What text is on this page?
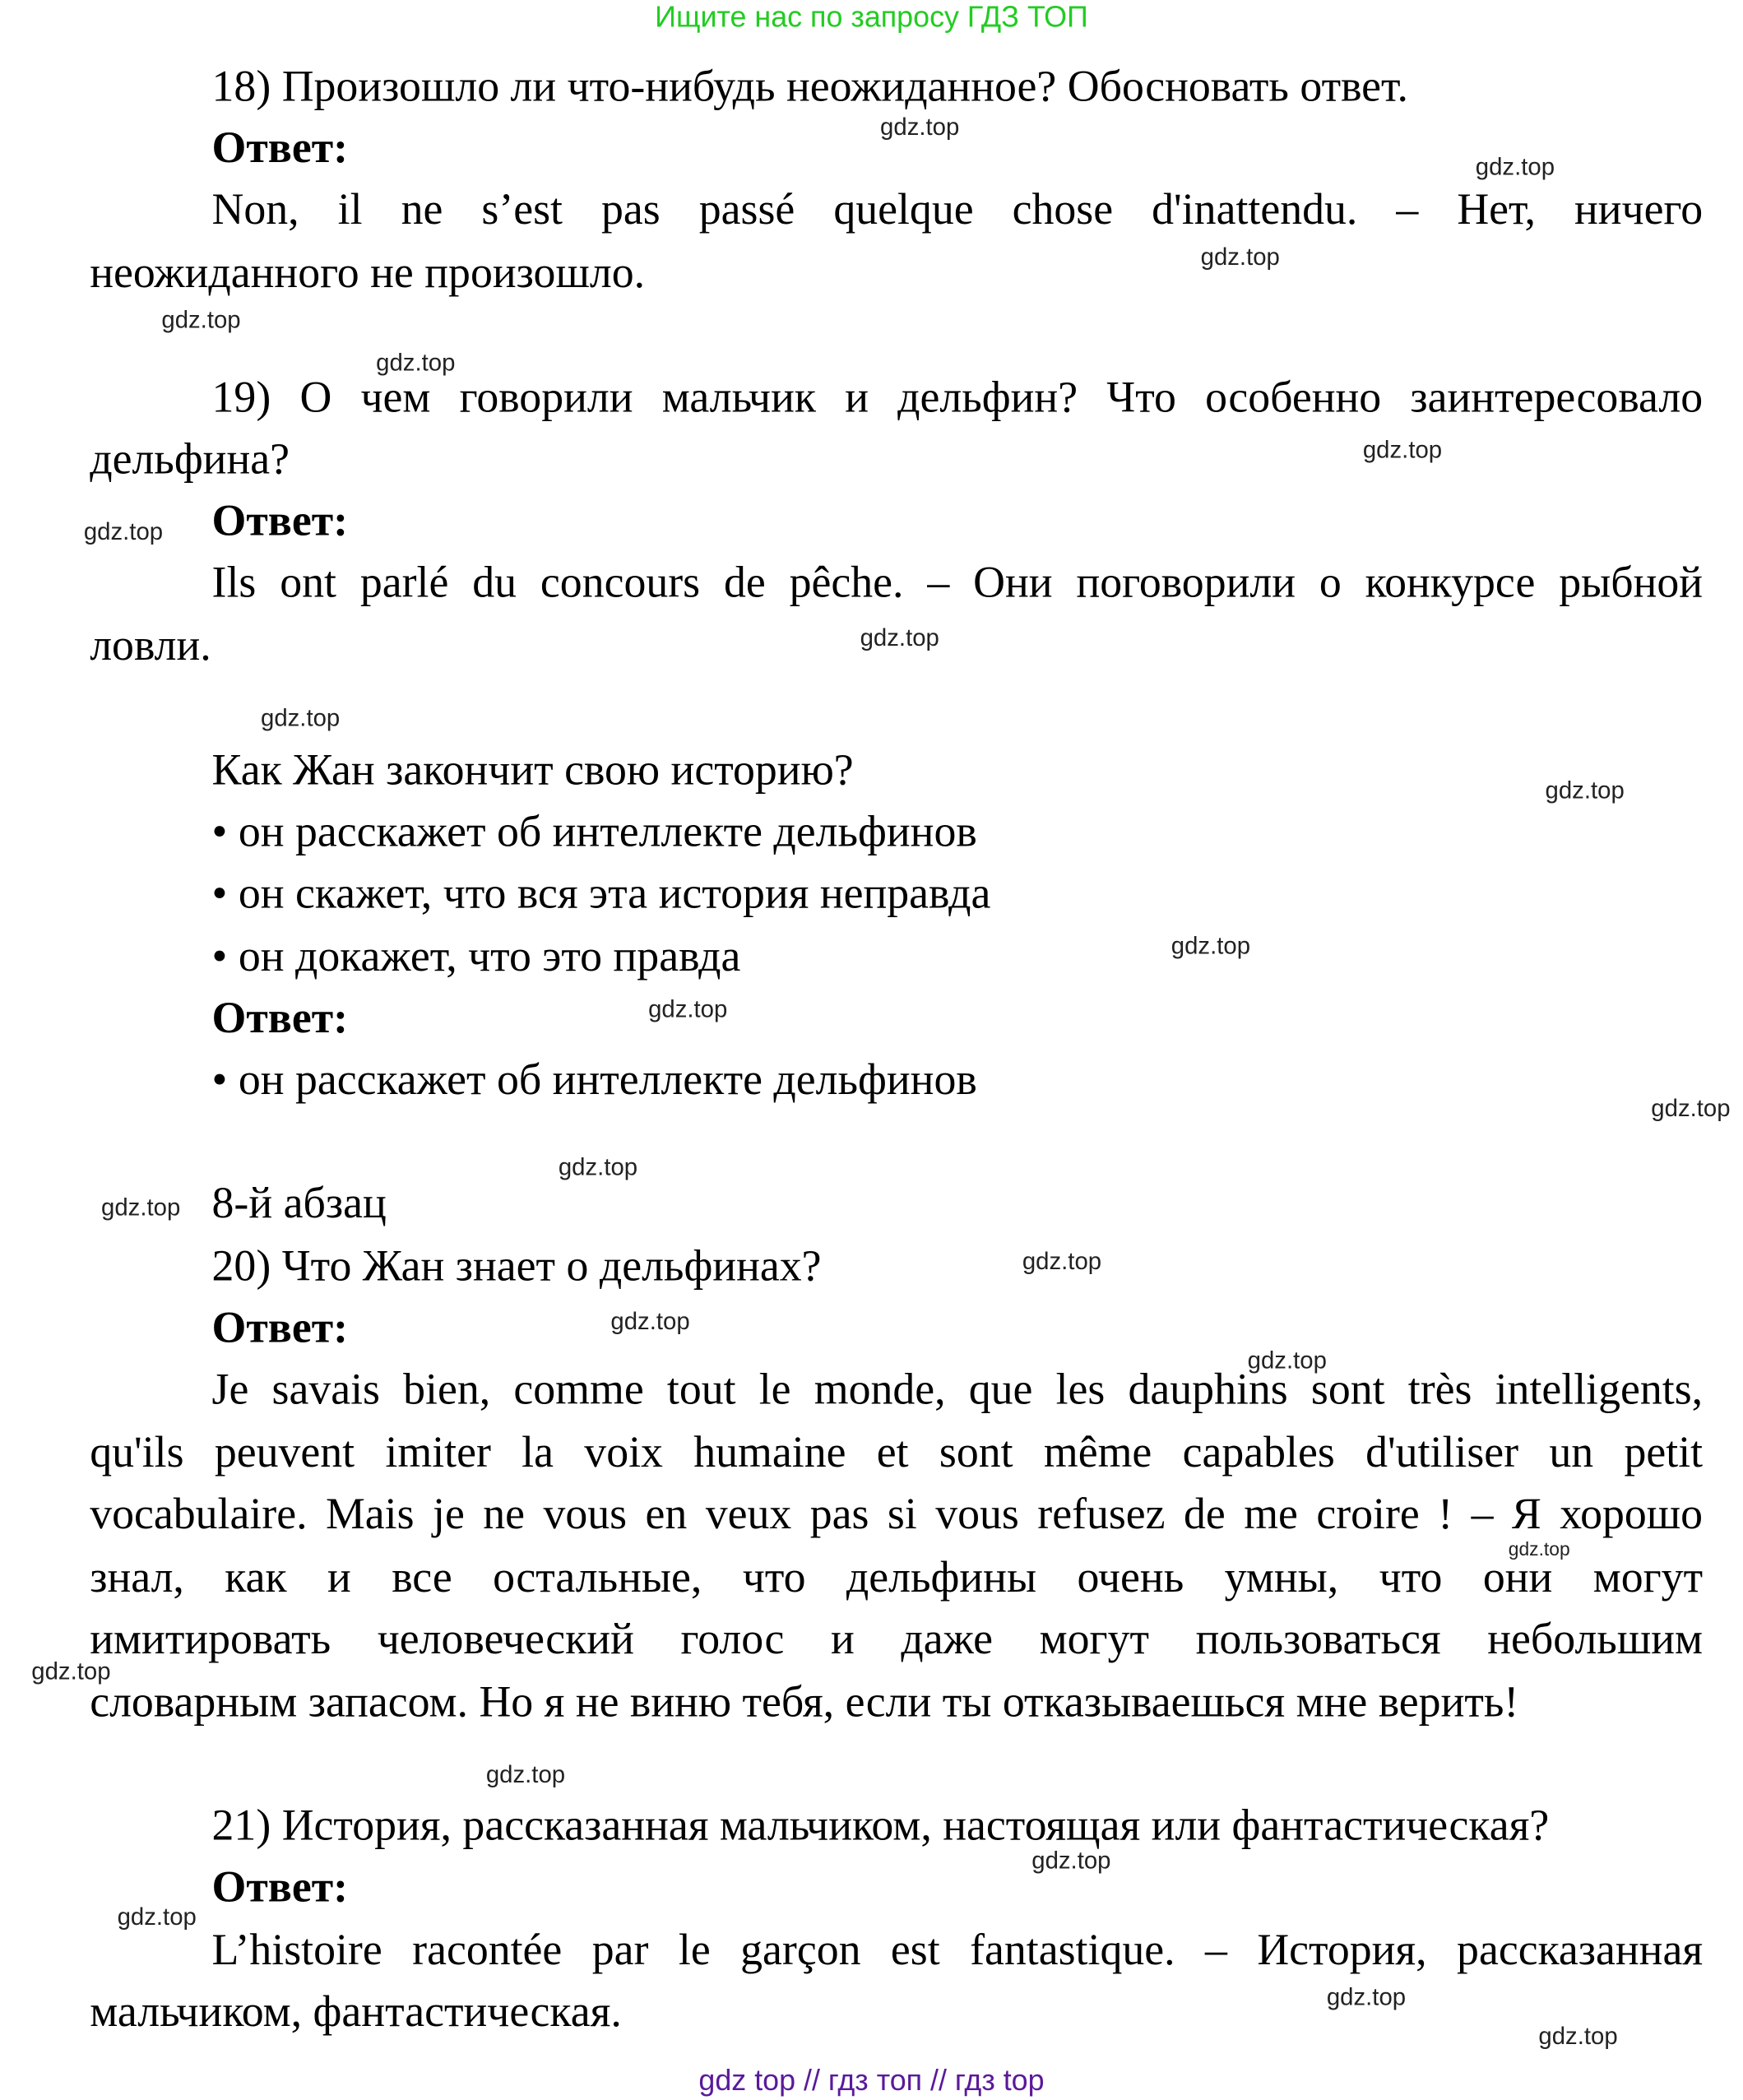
Ищите нас по запросу ГДЗ ТОП
18) Произошло ли что-нибудь неожиданное? Обосновать ответ.
Ответ:
Non, il ne s’est pas passé quelque chose d'inattendu. – Нет, ничего
неожиданного не произошло.
19) О чем говорили мальчик и дельфин? Что особенно заинтересовало
дельфина?
Ответ:
Ils ont parlé du concours de pêche. – Они поговорили о конкурсе рыбной
ловли.
Как Жан закончит свою историю?
• он расскажет об интеллекте дельфинов
• он скажет, что вся эта история неправда
• он докажет, что это правда
Ответ:
• он расскажет об интеллекте дельфинов
8-й абзац
20) Что Жан знает о дельфинах?
Ответ:
Je savais bien, comme tout le monde, que les dauphins sont très intelligents,
qu'ils peuvent imiter la voix humaine et sont même capables d'utiliser un petit
vocabulaire. Mais je ne vous en veux pas si vous refusez de me croire ! – Я хорошо
знал, как и все остальные, что дельфины очень умны, что они могут
имитировать человеческий голос и даже могут пользоваться небольшим
словарным запасом. Но я не виню тебя, если ты отказываешься мне верить!
21) История, рассказанная мальчиком, настоящая или фантастическая?
Ответ:
L’histoire racontée par le garçon est fantastique. – История, рассказанная
мальчиком, фантастическая.
gdz.top
gdz.top
gdz.top
gdz.top
gdz.top
gdz.top
gdz.top
gdz.top
gdz.top
gdz.top
gdz.top
gdz.top
gdz.top
gdz.top
gdz.top
gdz.top
gdz.top
gdz.top
gdz.top
gdz.top
gdz.top
gdz.top
gdz.top
gdz.top
gdz.top
gdz top // гдз топ // гдз top
